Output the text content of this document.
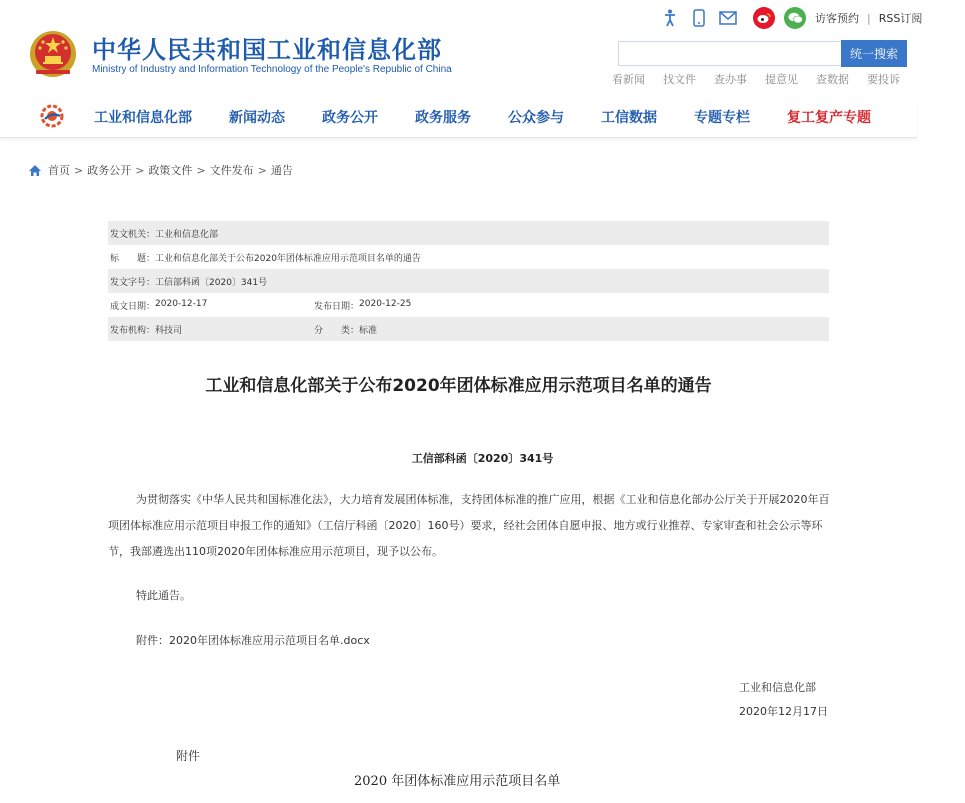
中华人民共和国工业和信息化部
Ministry of Industry and Information Technology of the People's Republic of China
访客预约 | RSS订阅
统一搜索
看新闻 找文件 查办事 提意见 查数据 要投诉
工业和信息化部	新闻动态	政务公开	政务服务	公众参与	工信数据	专题专栏	复工复产专题
首页 > 政务公开 > 政策文件 > 文件发布 > 通告
发文机关： 工业和信息化部
标　　题： 工业和信息化部关于公布2020年团体标准应用示范项目名单的通告
发文字号： 工信部科函〔2020〕341号
成文日期： 2020-12-17	发布日期： 2020-12-25
发布机构： 科技司	分　　类： 标准
工业和信息化部关于公布2020年团体标准应用示范项目名单的通告
工信部科函〔2020〕341号

为贯彻落实《中华人民共和国标准化法》，大力培育发展团体标准，支持团体标准的推广应用，根据《工业和信息化部办公厅关于开展2020年百项团体标准应用示范项目申报工作的通知》（工信厅科函〔2020〕160号）要求，经社会团体自愿申报、地方或行业推荐、专家审查和社会公示等环节，我部遴选出110项2020年团体标准应用示范项目，现予以公布。

特此通告。

附件：2020年团体标准应用示范项目名单.docx

工业和信息化部
2020年12月17日
附件
2020 年团体标准应用示范项目名单
